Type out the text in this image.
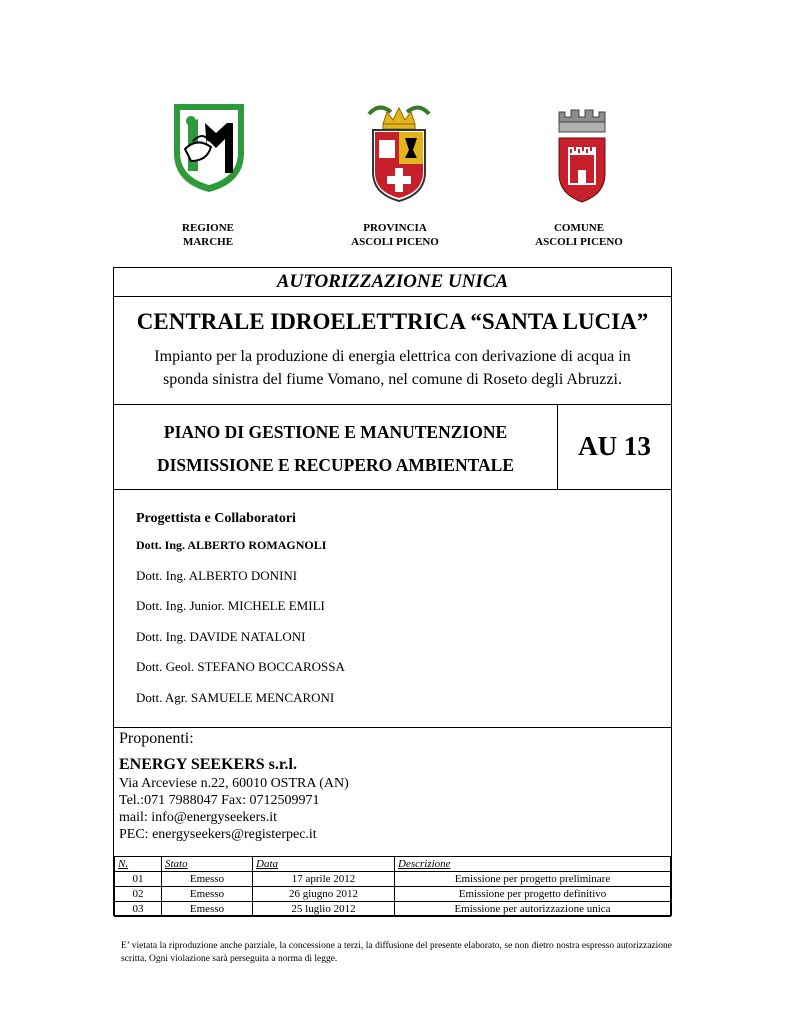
REGIONE
MARCHE
PROVINCIA
ASCOLI PICENO
COMUNE
ASCOLI PICENO
AUTORIZZAZIONE UNICA
CENTRALE IDROELETTRICA “SANTA LUCIA”
Impianto per la produzione di energia elettrica con derivazione di acqua in
sponda sinistra del fiume Vomano, nel comune di Roseto degli Abruzzi.
PIANO DI GESTIONE E MANUTENZIONE
DISMISSIONE E RECUPERO AMBIENTALE
AU 13
Progettista e Collaboratori
Dott. Ing. ALBERTO ROMAGNOLI
Dott. Ing. ALBERTO DONINI
Dott. Ing. Junior. MICHELE EMILI
Dott. Ing. DAVIDE NATALONI
Dott. Geol. STEFANO BOCCAROSSA
Dott. Agr. SAMUELE MENCARONI
Proponenti:
ENERGY SEEKERS s.r.l.
Via Arceviese n.22, 60010 OSTRA (AN)
Tel.:071 7988047 Fax: 0712509971
mail: info@energyseekers.it
PEC: energyseekers@registerpec.it
N.	Stato	Data	Descrizione
01	Emesso	17 aprile 2012	Emissione per progetto preliminare
02	Emesso	26 giugno 2012	Emissione per progetto definitivo
03	Emesso	25 luglio 2012	Emissione per autorizzazione unica
E’ vietata la riproduzione anche parziale, la concessione a terzi, la diffusione del presente elaborato, se non dietro nostra espresso autorizzazione scritta. Ogni violazione sarà perseguita a norma di legge.
